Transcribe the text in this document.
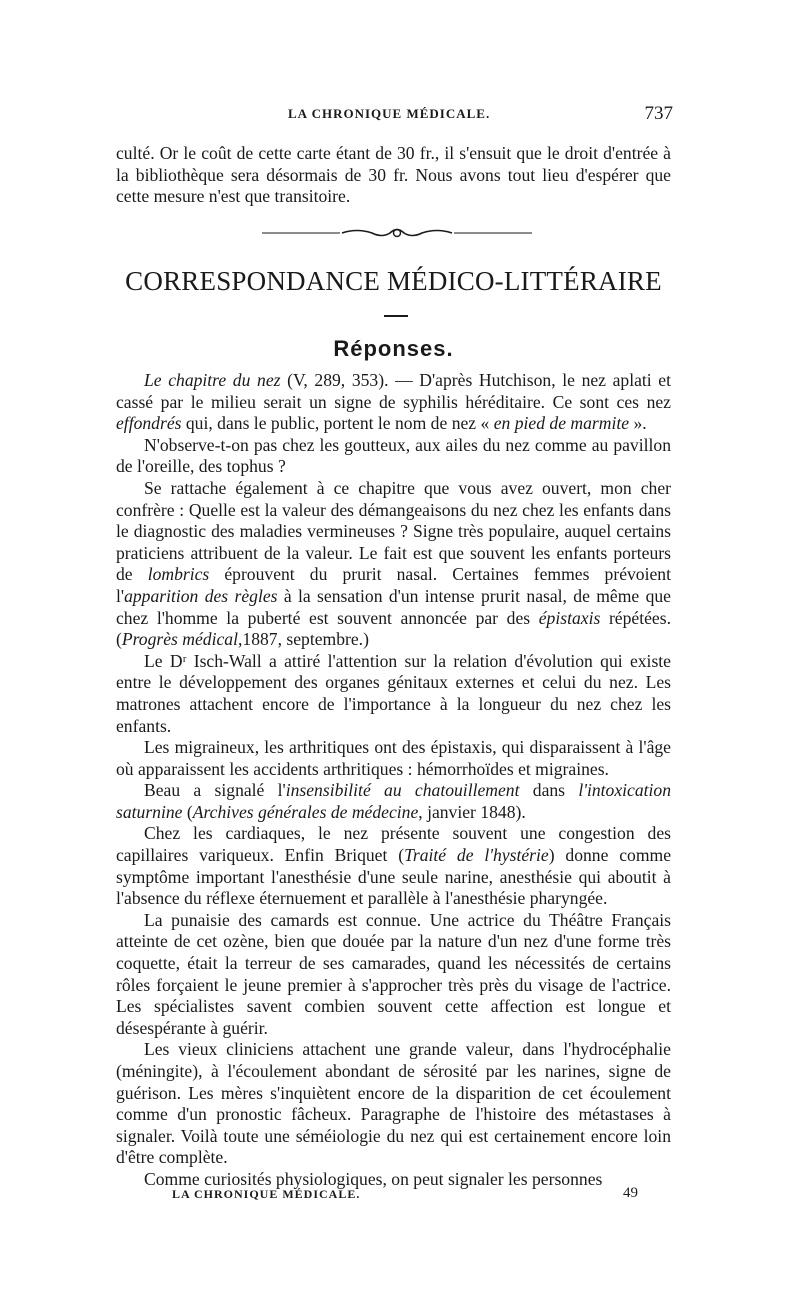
LA CHRONIQUE MÉDICALE.	737

culté. Or le coût de cette carte étant de 30 fr., il s'ensuit que le droit d'entrée à la bibliothèque sera désormais de 30 fr. Nous avons tout lieu d'espérer que cette mesure n'est que transitoire.

CORRESPONDANCE MÉDICO-LITTÉRAIRE
Réponses.

Le chapitre du nez (V, 289, 353). — D'après Hutchison, le nez aplati et cassé par le milieu serait un signe de syphilis héréditaire. Ce sont ces nez effondrés qui, dans le public, portent le nom de nez « en pied de marmite ».

N'observe-t-on pas chez les goutteux, aux ailes du nez comme au pavillon de l'oreille, des tophus ?

Se rattache également à ce chapitre que vous avez ouvert, mon cher confrère : Quelle est la valeur des démangeaisons du nez chez les enfants dans le diagnostic des maladies vermineuses ? Signe très populaire, auquel certains praticiens attribuent de la valeur. Le fait est que souvent les enfants porteurs de lombrics éprouvent du prurit nasal. Certaines femmes prévoient l'apparition des règles à la sensation d'un intense prurit nasal, de même que chez l'homme la puberté est souvent annoncée par des épistaxis répétées. (Progrès médical,1887, septembre.)

Le Dʳ Isch-Wall a attiré l'attention sur la relation d'évolution qui existe entre le développement des organes génitaux externes et celui du nez. Les matrones attachent encore de l'importance à la longueur du nez chez les enfants.

Les migraineux, les arthritiques ont des épistaxis, qui disparaissent à l'âge où apparaissent les accidents arthritiques : hémorrhoïdes et migraines.

Beau a signalé l'insensibilité au chatouillement dans l'intoxication saturnine (Archives générales de médecine, janvier 1848).

Chez les cardiaques, le nez présente souvent une congestion des capillaires variqueux. Enfin Briquet (Traité de l'hystérie) donne comme symptôme important l'anesthésie d'une seule narine, anesthésie qui aboutit à l'absence du réflexe éternuement et parallèle à l'anesthésie pharyngée.

La punaisie des camards est connue. Une actrice du Théâtre Français atteinte de cet ozène, bien que douée par la nature d'un nez d'une forme très coquette, était la terreur de ses camarades, quand les nécessités de certains rôles forçaient le jeune premier à s'approcher très près du visage de l'actrice. Les spécialistes savent combien souvent cette affection est longue et désespérante à guérir.

Les vieux cliniciens attachent une grande valeur, dans l'hydrocéphalie (méningite), à l'écoulement abondant de sérosité par les narines, signe de guérison. Les mères s'inquiètent encore de la disparition de cet écoulement comme d'un pronostic fâcheux. Paragraphe de l'histoire des métastases à signaler. Voilà toute une séméiologie du nez qui est certainement encore loin d'être complète.

Comme curiosités physiologiques, on peut signaler les personnes

LA CHRONIQUE MÉDICALE.	49
